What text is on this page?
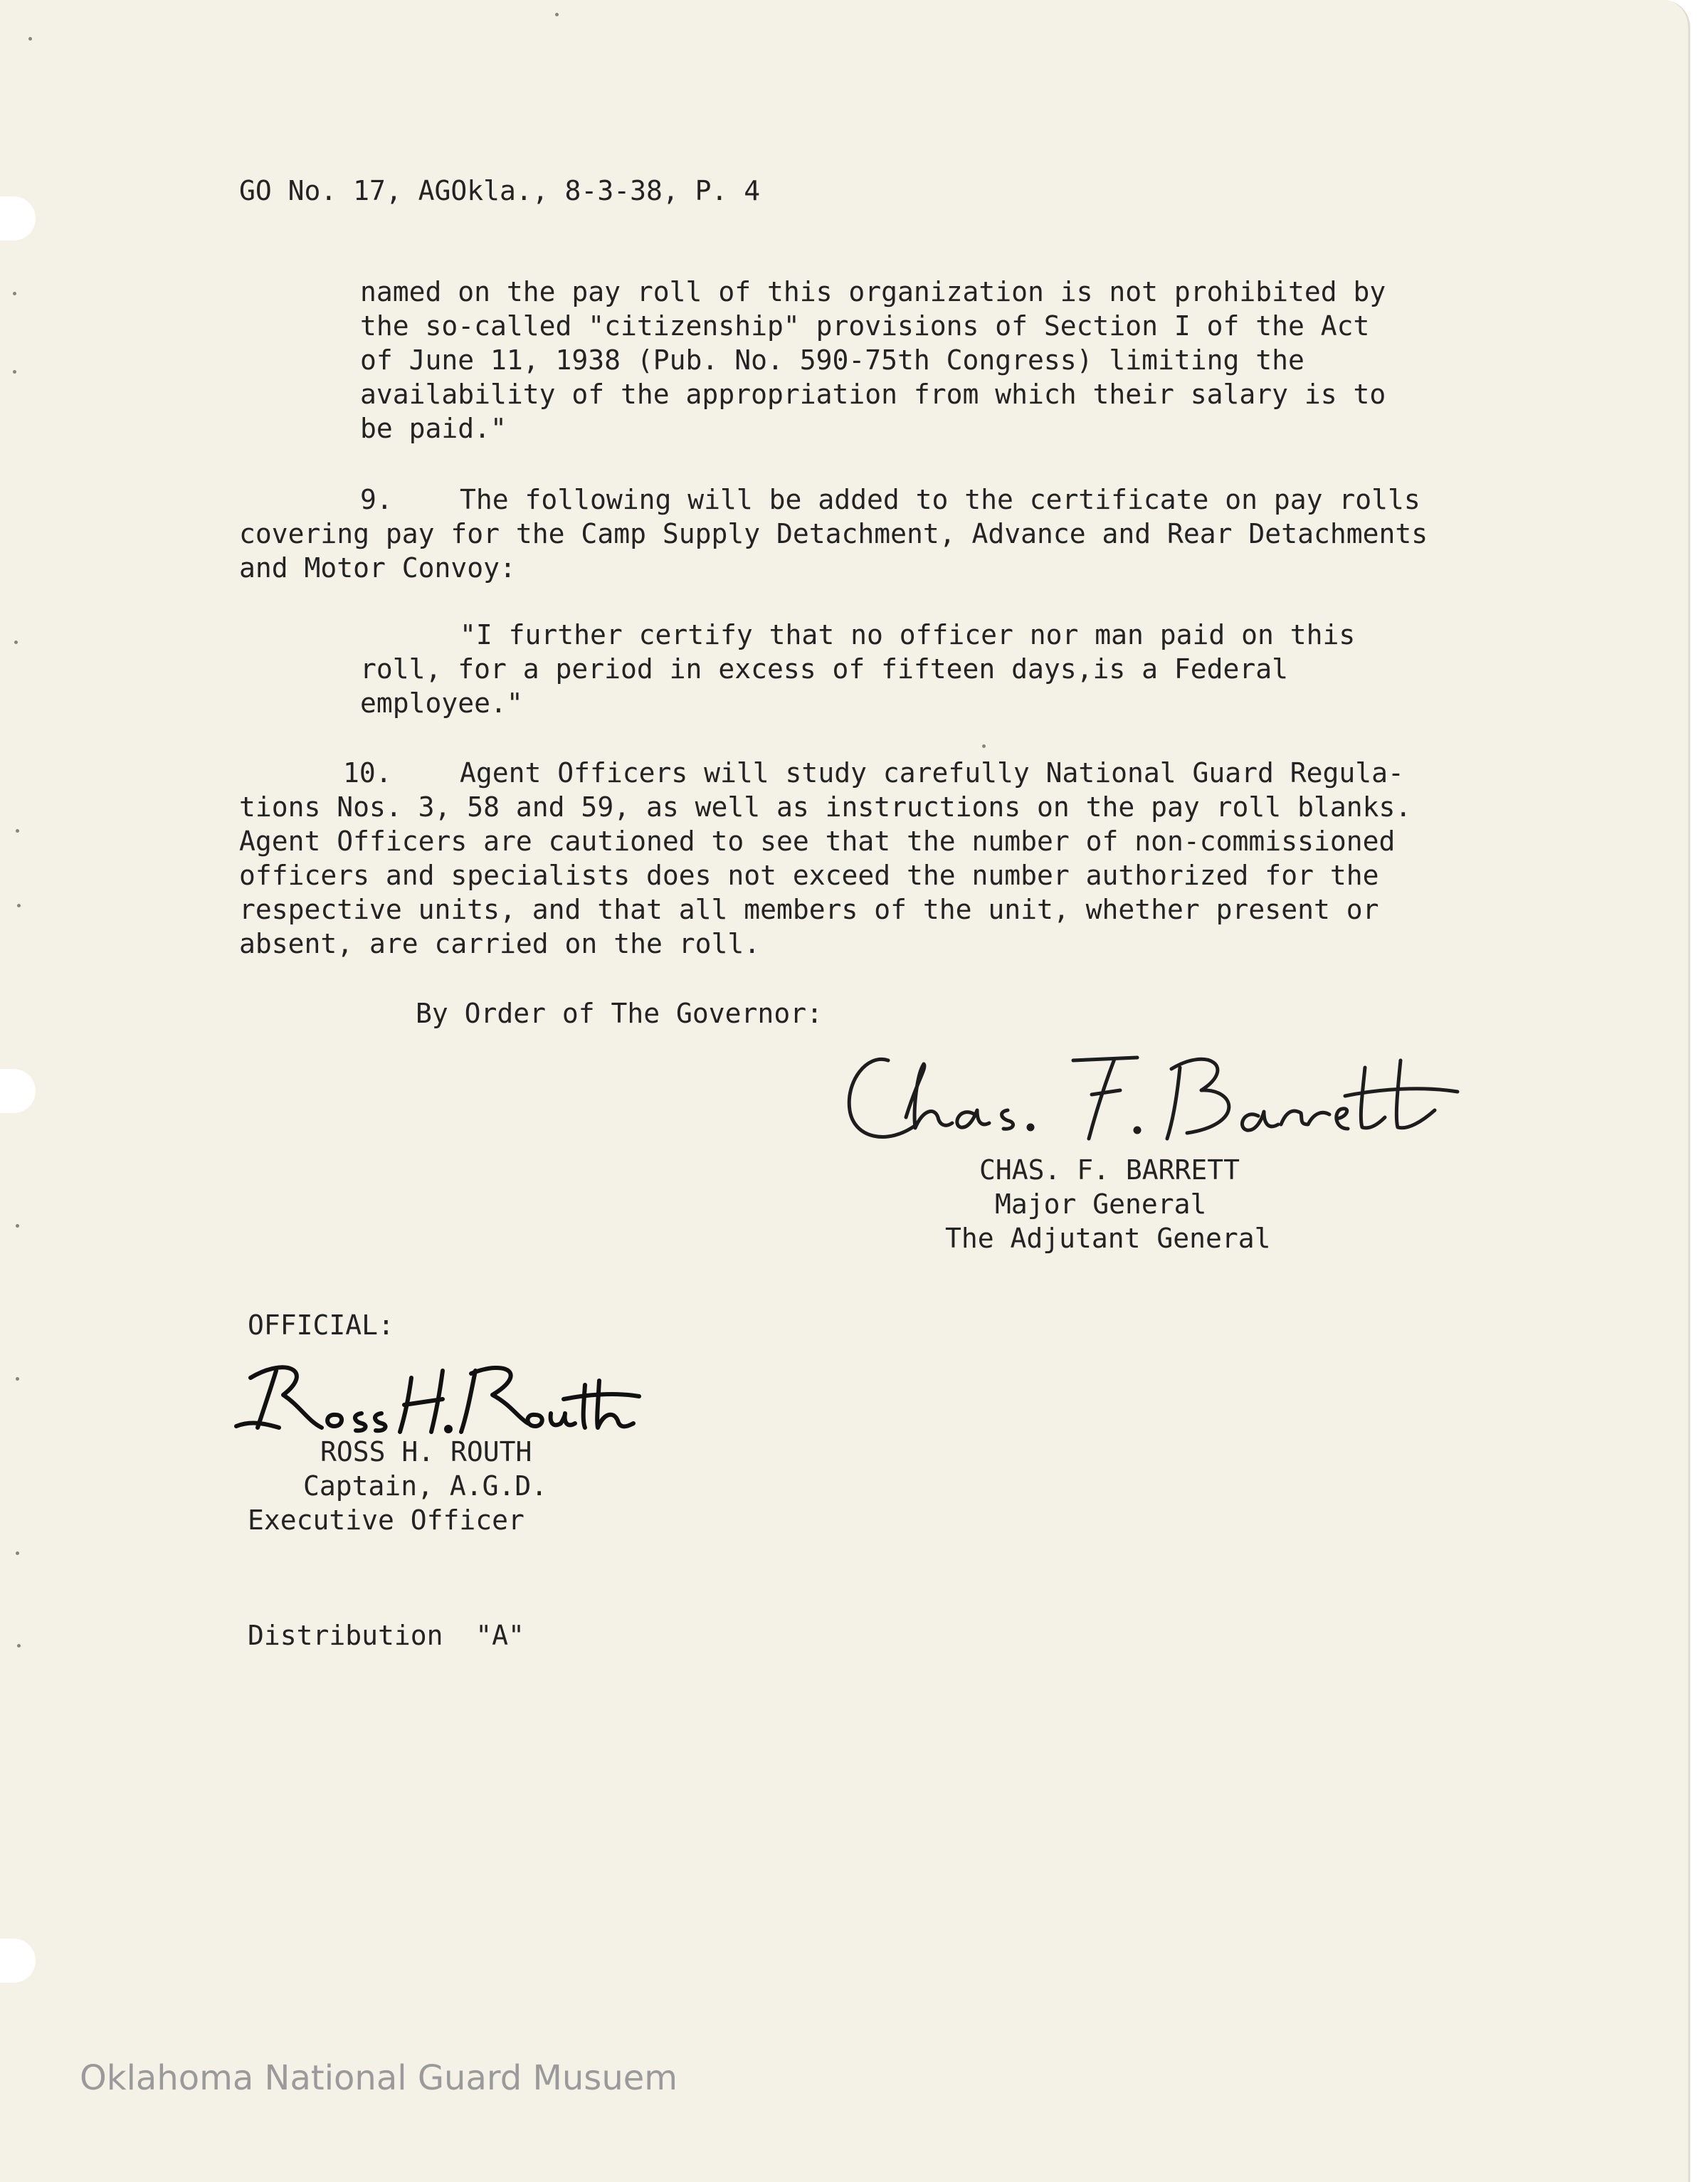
GO No. 17, AGOkla., 8-3-38, P. 4

named on the pay roll of this organization is not prohibited by

the so-called "citizenship" provisions of Section I of the Act

of June 11, 1938 (Pub. No. 590-75th Congress) limiting the

availability of the appropriation from which their salary is to

be paid."

9. The following will be added to the certificate on pay rolls

covering pay for the Camp Supply Detachment, Advance and Rear Detachments

and Motor Convoy:

"I further certify that no officer nor man paid on this

roll, for a period in excess of fifteen days,is a Federal

employee."

10.	Agent Officers will study carefully National Guard Regula-

tions Nos. 3, 58 and 59, as well as instructions on the pay roll blanks.

Agent Officers are cautioned to see that the number of non-commissioned

officers and specialists does not exceed the number authorized for the

respective units, and that all members of the unit, whether present or

absent, are carried on the roll.

By Order of The Governor:

CHAS. F. BARRETT

Major General

The Adjutant General

OFFICIAL:

ROSS H. ROUTH

Captain, A.G.D.

Executive Officer

Distribution  "A"

Oklahoma National Guard Musuem
